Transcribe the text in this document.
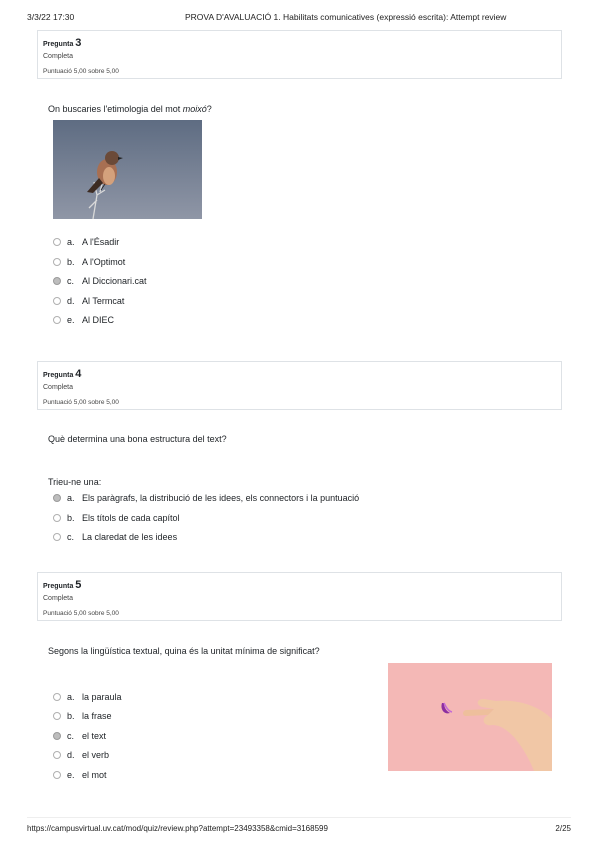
3/3/22 17:30	PROVA D'AVALUACIÓ 1. Habilitats comunicatives (expressió escrita): Attempt review
Pregunta 3
Completa
Puntuació 5,00 sobre 5,00
On buscaries l'etimologia del mot moixó?
a. A l'Ésadir
b. A l'Optimot
c. Al Diccionari.cat
d. Al Termcat
e. Al DIEC
Pregunta 4
Completa
Puntuació 5,00 sobre 5,00
Què determina una bona estructura del text?
Trieu-ne una:
a. Els paràgrafs, la distribució de les idees, els connectors i la puntuació
b. Els títols de cada capítol
c. La claredat de les idees
Pregunta 5
Completa
Puntuació 5,00 sobre 5,00
Segons la lingüística textual, quina és la unitat mínima de significat?
a. la paraula
b. la frase
c. el text
d. el verb
e. el mot
https://campusvirtual.uv.cat/mod/quiz/review.php?attempt=23493358&cmid=3168599	2/25
